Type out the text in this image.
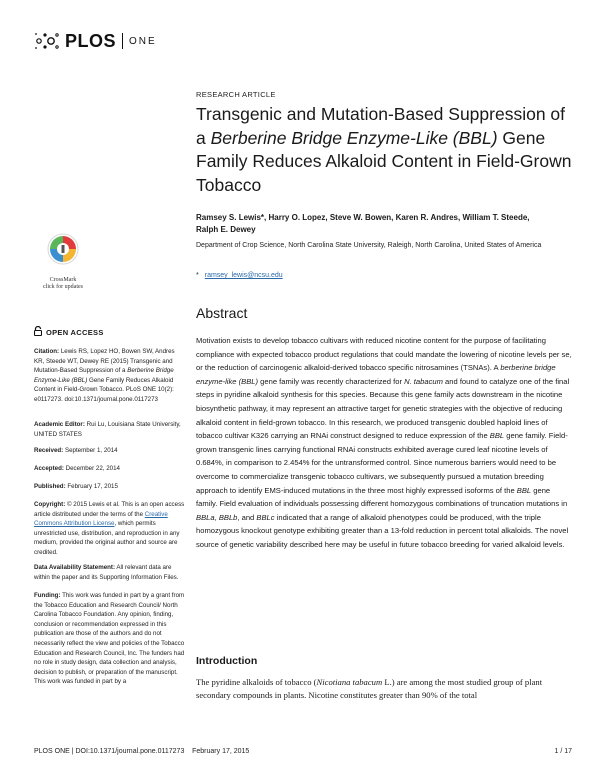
PLOS ONE
CrossMark
click for updates
OPEN ACCESS
Citation: Lewis RS, Lopez HO, Bowen SW, Andres KR, Steede WT, Dewey RE (2015) Transgenic and Mutation-Based Suppression of a Berberine Bridge Enzyme-Like (BBL) Gene Family Reduces Alkaloid Content in Field-Grown Tobacco. PLoS ONE 10(2): e0117273. doi:10.1371/journal.pone.0117273
Academic Editor: Rui Lu, Louisiana State University, UNITED STATES
Received: September 1, 2014
Accepted: December 22, 2014
Published: February 17, 2015
Copyright: © 2015 Lewis et al. This is an open access article distributed under the terms of the Creative Commons Attribution License, which permits unrestricted use, distribution, and reproduction in any medium, provided the original author and source are credited.
Data Availability Statement: All relevant data are within the paper and its Supporting Information Files.
Funding: This work was funded in part by a grant from the Tobacco Education and Research Council/ North Carolina Tobacco Foundation. Any opinion, finding, conclusion or recommendation expressed in this publication are those of the authors and do not necessarily reflect the view and policies of the Tobacco Education and Research Council, Inc. The funders had no role in study design, data collection and analysis, decision to publish, or preparation of the manuscript. This work was funded in part by a
RESEARCH ARTICLE
Transgenic and Mutation-Based Suppression of a Berberine Bridge Enzyme-Like (BBL) Gene Family Reduces Alkaloid Content in Field-Grown Tobacco
Ramsey S. Lewis*, Harry O. Lopez, Steve W. Bowen, Karen R. Andres, William T. Steede,
Ralph E. Dewey
Department of Crop Science, North Carolina State University, Raleigh, North Carolina, United States of America
* ramsey_lewis@ncsu.edu
Abstract

Motivation exists to develop tobacco cultivars with reduced nicotine content for the purpose of facilitating compliance with expected tobacco product regulations that could mandate the lowering of nicotine levels per se, or the reduction of carcinogenic alkaloid-derived tobacco specific nitrosamines (TSNAs). A berberine bridge enzyme-like (BBL) gene family was recently characterized for N. tabacum and found to catalyze one of the final steps in pyridine alkaloid synthesis for this species. Because this gene family acts downstream in the nicotine biosynthetic pathway, it may represent an attractive target for genetic strategies with the objective of reducing alkaloid content in field-grown tobacco. In this research, we produced transgenic doubled haploid lines of tobacco cultivar K326 carrying an RNAi construct designed to reduce expression of the BBL gene family. Field-grown transgenic lines carrying functional RNAi constructs exhibited average cured leaf nicotine levels of 0.684%, in comparison to 2.454% for the untransformed control. Since numerous barriers would need to be overcome to commercialize transgenic tobacco cultivars, we subsequently pursued a mutation breeding approach to identify EMS-induced mutations in the three most highly expressed isoforms of the BBL gene family. Field evaluation of individuals possessing different homozygous combinations of truncation mutations in BBLa, BBLb, and BBLc indicated that a range of alkaloid phenotypes could be produced, with the triple homozygous knockout genotype exhibiting greater than a 13-fold reduction in percent total alkaloids. The novel source of genetic variability described here may be useful in future tobacco breeding for varied alkaloid levels.

Introduction

The pyridine alkaloids of tobacco (Nicotiana tabacum L.) are among the most studied group of plant secondary compounds in plants. Nicotine constitutes greater than 90% of the total

PLOS ONE | DOI:10.1371/journal.pone.0117273    February 17, 2015	1 / 17
